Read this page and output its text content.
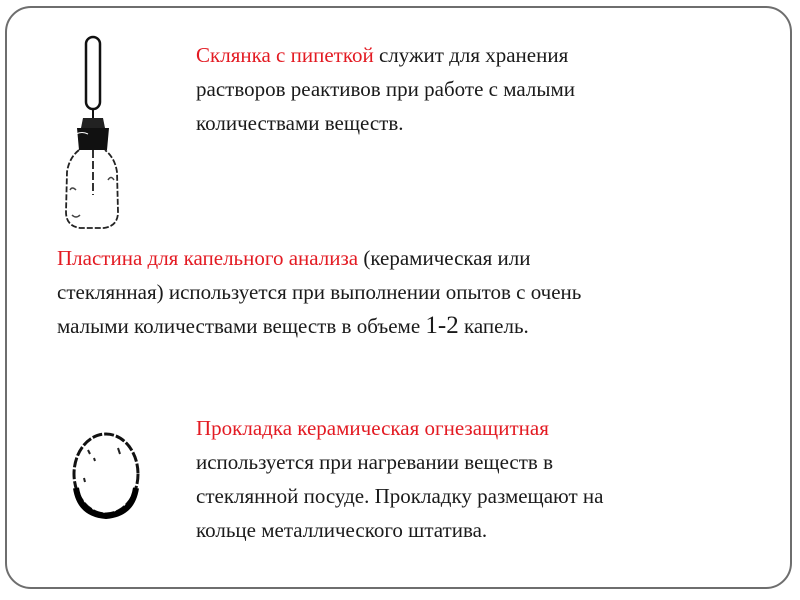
Склянка с пипеткой служит для хранения
растворов реактивов при работе с малыми
количествами веществ.
Пластина для капельного анализа (керамическая или
стеклянная) используется при выполнении опытов с очень
малыми количествами веществ в объеме 1-2 капель.
Прокладка керамическая огнезащитная
используется при нагревании веществ в
стеклянной посуде. Прокладку размещают на
кольце металлического штатива.
